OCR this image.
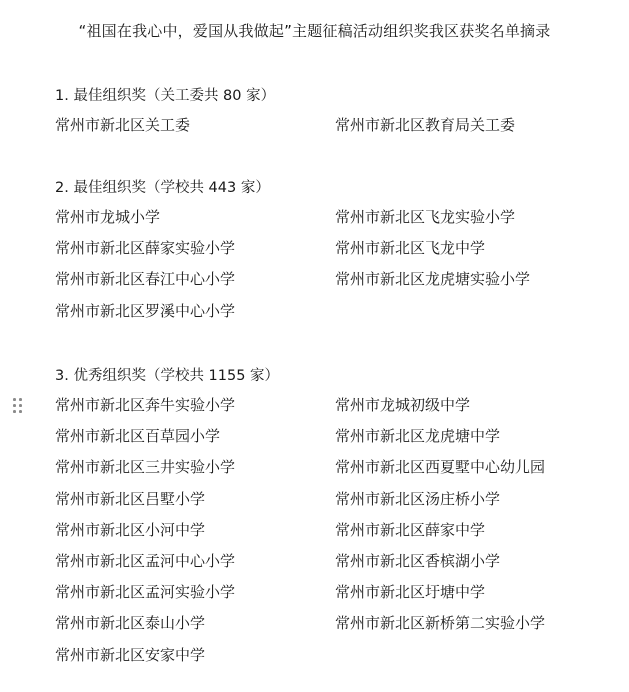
“祖国在我心中，爱国从我做起”主题征稿活动组织奖我区获奖名单摘录
1. 最佳组织奖（关工委共 80 家）
常州市新北区关工委	常州市新北区教育局关工委
2. 最佳组织奖（学校共 443 家）
常州市龙城小学	常州市新北区飞龙实验小学
常州市新北区薛家实验小学	常州市新北区飞龙中学
常州市新北区春江中心小学	常州市新北区龙虎塘实验小学
常州市新北区罗溪中心小学
3. 优秀组织奖（学校共 1155 家）
常州市新北区奔牛实验小学	常州市龙城初级中学
常州市新北区百草园小学	常州市新北区龙虎塘中学
常州市新北区三井实验小学	常州市新北区西夏墅中心幼儿园
常州市新北区吕墅小学	常州市新北区汤庄桥小学
常州市新北区小河中学	常州市新北区薛家中学
常州市新北区孟河中心小学	常州市新北区香槟湖小学
常州市新北区孟河实验小学	常州市新北区圩塘中学
常州市新北区泰山小学	常州市新北区新桥第二实验小学
常州市新北区安家中学
